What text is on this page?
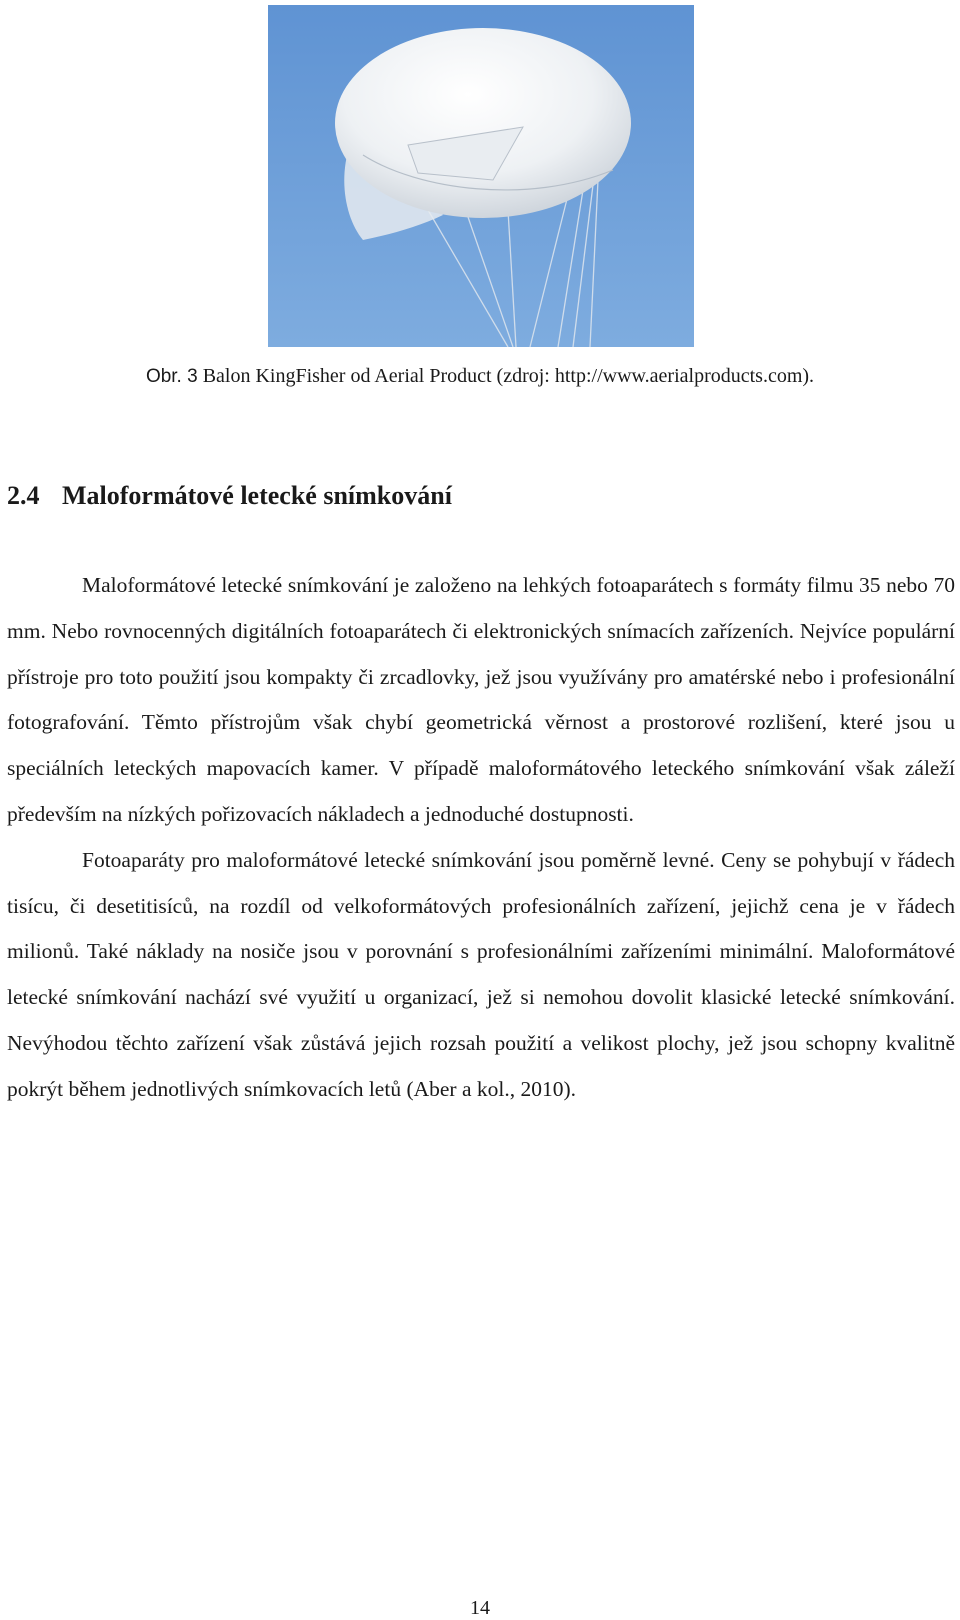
Obr. 3 Balon KingFisher od Aerial Product (zdroj: http://www.aerialproducts.com).
2.4 Maloformátové letecké snímkování

Maloformátové letecké snímkování je založeno na lehkých fotoaparátech s formáty filmu 35 nebo 70 mm. Nebo rovnocenných digitálních fotoaparátech či elektronických snímacích zařízeních. Nejvíce populární přístroje pro toto použití jsou kompakty či zrcadlovky, jež jsou využívány pro amatérské nebo i profesionální fotografování. Těmto přístrojům však chybí geometrická věrnost a prostorové rozlišení, které jsou u speciálních leteckých mapovacích kamer. V případě maloformátového leteckého snímkování však záleží především na nízkých pořizovacích nákladech a jednoduché dostupnosti.

Fotoaparáty pro maloformátové letecké snímkování jsou poměrně levné. Ceny se pohybují v řádech tisícu, či desetitisíců, na rozdíl od velkoformátových profesionálních zařízení, jejichž cena je v řádech milionů. Také náklady na nosiče jsou v porovnání s profesionálními zařízeními minimální. Maloformátové letecké snímkování nachází své využití u organizací, jež si nemohou dovolit klasické letecké snímkování. Nevýhodou těchto zařízení však zůstává jejich rozsah použití a velikost plochy, jež jsou schopny kvalitně pokrýt během jednotlivých snímkovacích letů (Aber a kol., 2010).

14
